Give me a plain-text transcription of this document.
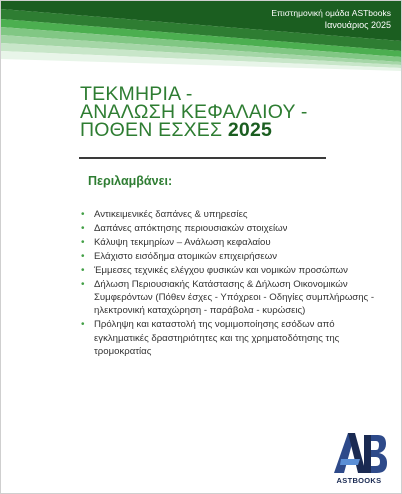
Επιστημονική ομάδα ASTbooks
Ιανουάριος 2025
ΤΕΚΜΗΡΙΑ -
ΑΝΑΛΩΣΗ ΚΕΦΑΛΑΙΟΥ -
ΠΟΘΕΝ ΕΣΧΕΣ 2025
Περιλαμβάνει:
• Αντικειμενικές δαπάνες & υπηρεσίες
• Δαπάνες απόκτησης περιουσιακών στοιχείων
• Κάλυψη τεκμηρίων – Ανάλωση κεφαλαίου
• Ελάχιστο εισόδημα ατομικών επιχειρήσεων
• Έμμεσες τεχνικές ελέγχου φυσικών και νομικών προσώπων
• Δήλωση Περιουσιακής Κατάστασης & Δήλωση Οικονομικών Συμφερόντων (Πόθεν έσχες - Υπόχρεοι - Οδηγίες συμπλήρωσης - ηλεκτρονική καταχώρηση - παράβολα - κυρώσεις)
• Πρόληψη και καταστολή της νομιμοποίησης εσόδων από εγκληματικές δραστηριότητες και της χρηματοδότησης της τρομοκρατίας
ASTBOOKS
